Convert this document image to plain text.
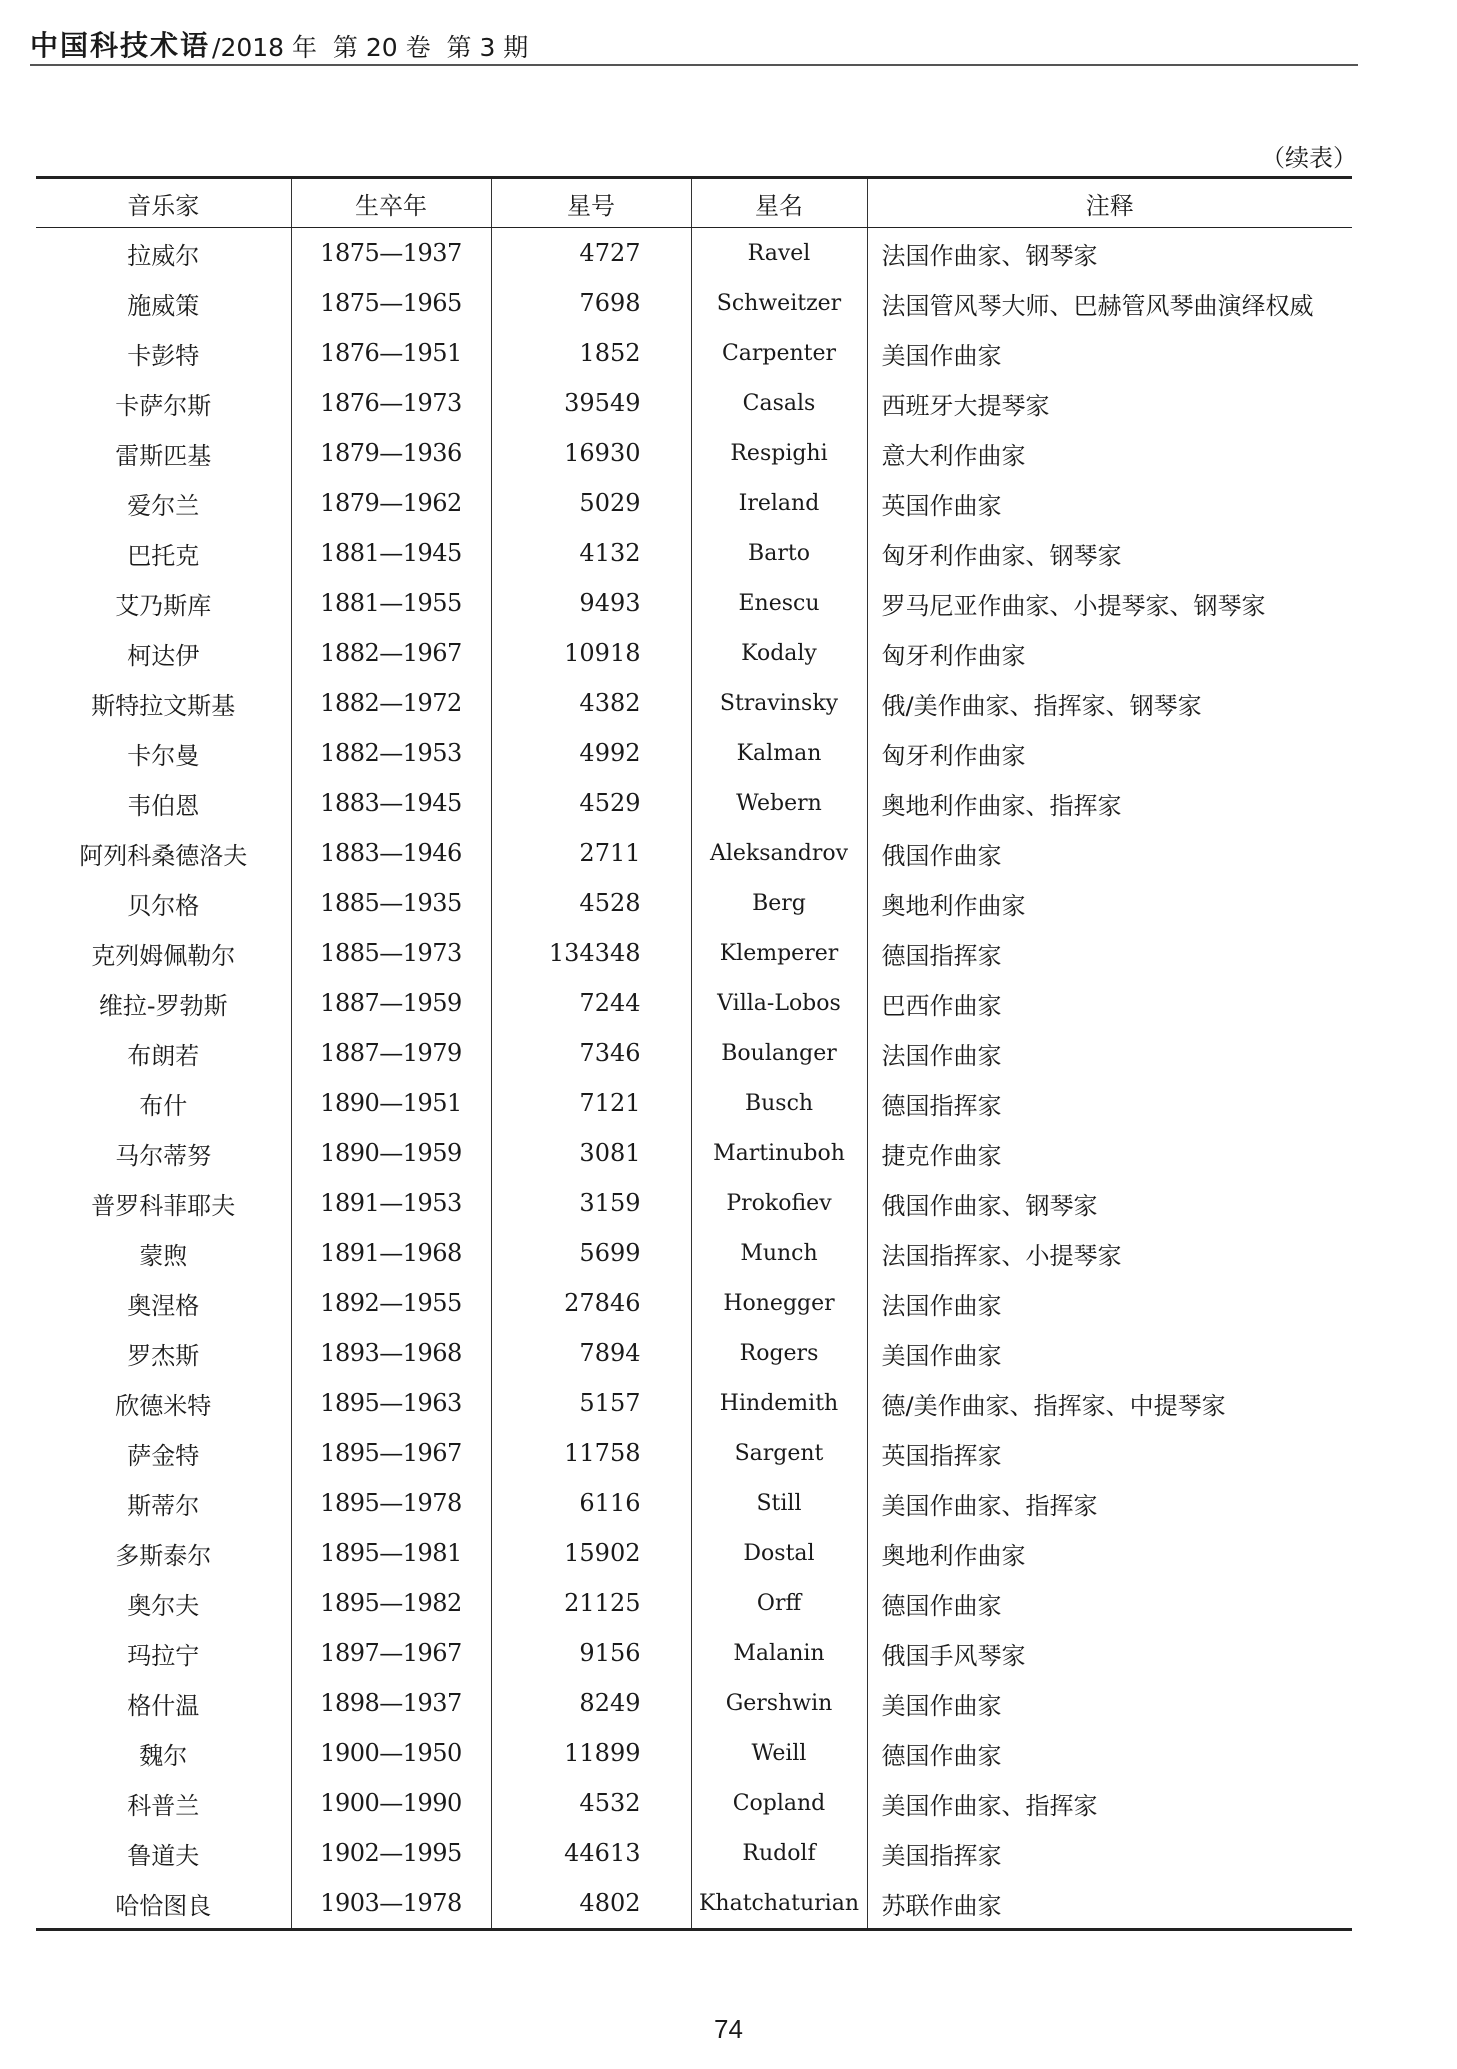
中国科技术语 /2018 年  第 20 卷  第 3 期
（续表）
音乐家	生卒年	星号	星名	注释
拉威尔	1875—1937	4727	Ravel	法国作曲家、钢琴家
施威策	1875—1965	7698	Schweitzer	法国管风琴大师、巴赫管风琴曲演绎权威
卡彭特	1876—1951	1852	Carpenter	美国作曲家
卡萨尔斯	1876—1973	39549	Casals	西班牙大提琴家
雷斯匹基	1879—1936	16930	Respighi	意大利作曲家
爱尔兰	1879—1962	5029	Ireland	英国作曲家
巴托克	1881—1945	4132	Barto	匈牙利作曲家、钢琴家
艾乃斯库	1881—1955	9493	Enescu	罗马尼亚作曲家、小提琴家、钢琴家
柯达伊	1882—1967	10918	Kodaly	匈牙利作曲家
斯特拉文斯基	1882—1972	4382	Stravinsky	俄/美作曲家、指挥家、钢琴家
卡尔曼	1882—1953	4992	Kalman	匈牙利作曲家
韦伯恩	1883—1945	4529	Webern	奥地利作曲家、指挥家
阿列科桑德洛夫	1883—1946	2711	Aleksandrov	俄国作曲家
贝尔格	1885—1935	4528	Berg	奥地利作曲家
克列姆佩勒尔	1885—1973	134348	Klemperer	德国指挥家
维拉-罗勃斯	1887—1959	7244	Villa-Lobos	巴西作曲家
布朗若	1887—1979	7346	Boulanger	法国作曲家
布什	1890—1951	7121	Busch	德国指挥家
马尔蒂努	1890—1959	3081	Martinuboh	捷克作曲家
普罗科菲耶夫	1891—1953	3159	Prokofiev	俄国作曲家、钢琴家
蒙煦	1891—1968	5699	Munch	法国指挥家、小提琴家
奥涅格	1892—1955	27846	Honegger	法国作曲家
罗杰斯	1893—1968	7894	Rogers	美国作曲家
欣德米特	1895—1963	5157	Hindemith	德/美作曲家、指挥家、中提琴家
萨金特	1895—1967	11758	Sargent	英国指挥家
斯蒂尔	1895—1978	6116	Still	美国作曲家、指挥家
多斯泰尔	1895—1981	15902	Dostal	奥地利作曲家
奥尔夫	1895—1982	21125	Orff	德国作曲家
玛拉宁	1897—1967	9156	Malanin	俄国手风琴家
格什温	1898—1937	8249	Gershwin	美国作曲家
魏尔	1900—1950	11899	Weill	德国作曲家
科普兰	1900—1990	4532	Copland	美国作曲家、指挥家
鲁道夫	1902—1995	44613	Rudolf	美国指挥家
哈恰图良	1903—1978	4802	Khatchaturian	苏联作曲家
74
